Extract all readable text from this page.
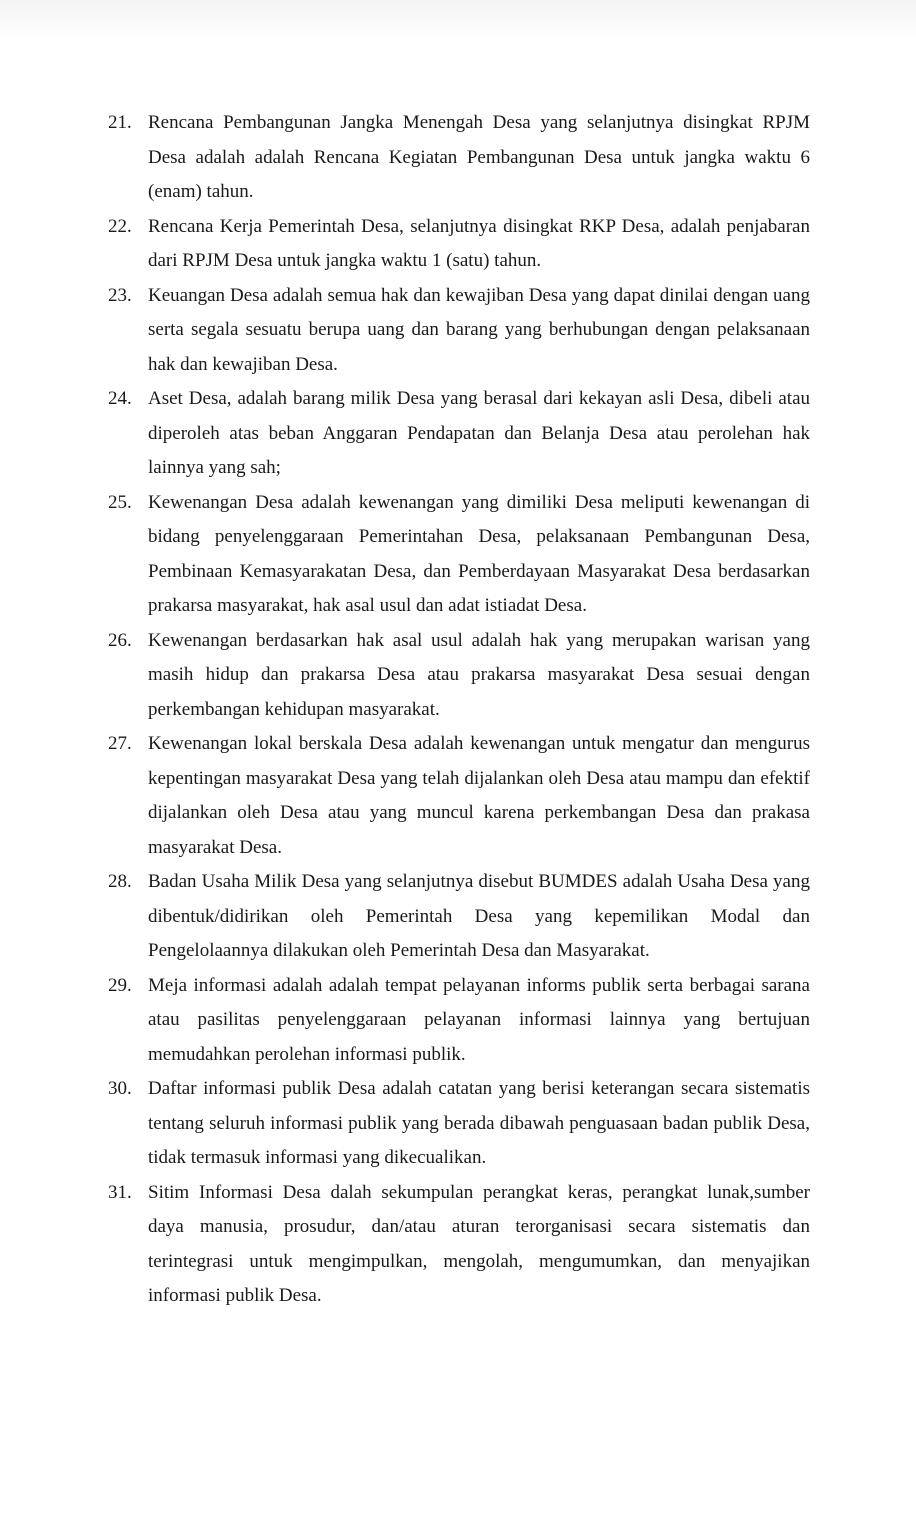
21. Rencana Pembangunan Jangka Menengah Desa yang selanjutnya disingkat RPJM Desa adalah adalah Rencana Kegiatan Pembangunan Desa untuk jangka waktu 6 (enam) tahun.
22. Rencana Kerja Pemerintah Desa, selanjutnya disingkat RKP Desa, adalah penjabaran dari RPJM Desa untuk jangka waktu 1 (satu) tahun.
23. Keuangan Desa adalah semua hak dan kewajiban Desa yang dapat dinilai dengan uang serta segala sesuatu berupa uang dan barang yang berhubungan dengan pelaksanaan hak dan kewajiban Desa.
24. Aset Desa, adalah barang milik Desa yang berasal dari kekayan asli Desa, dibeli atau diperoleh atas beban Anggaran Pendapatan dan Belanja Desa atau perolehan hak lainnya yang sah;
25. Kewenangan Desa adalah kewenangan yang dimiliki Desa meliputi kewenangan di bidang penyelenggaraan Pemerintahan Desa, pelaksanaan Pembangunan Desa, Pembinaan Kemasyarakatan Desa, dan Pemberdayaan Masyarakat Desa berdasarkan prakarsa masyarakat, hak asal usul dan adat istiadat Desa.
26. Kewenangan berdasarkan hak asal usul adalah hak yang merupakan warisan yang masih hidup dan prakarsa Desa atau prakarsa masyarakat Desa sesuai dengan perkembangan kehidupan masyarakat.
27. Kewenangan lokal berskala Desa adalah kewenangan untuk mengatur dan mengurus kepentingan masyarakat Desa yang telah dijalankan oleh Desa atau mampu dan efektif dijalankan oleh Desa atau yang muncul karena perkembangan Desa dan prakasa masyarakat Desa.
28. Badan Usaha Milik Desa yang selanjutnya disebut BUMDES adalah Usaha Desa yang dibentuk/didirikan oleh Pemerintah Desa yang kepemilikan Modal dan Pengelolaannya dilakukan oleh Pemerintah Desa dan Masyarakat.
29. Meja informasi adalah adalah tempat pelayanan informs publik serta berbagai sarana atau pasilitas penyelenggaraan pelayanan informasi lainnya yang bertujuan memudahkan perolehan informasi publik.
30. Daftar informasi publik Desa adalah catatan yang berisi keterangan secara sistematis tentang seluruh informasi publik yang berada dibawah penguasaan badan publik Desa, tidak termasuk informasi yang dikecualikan.
31. Sitim Informasi Desa dalah sekumpulan perangkat keras, perangkat lunak,sumber daya manusia, prosudur, dan/atau aturan terorganisasi secara sistematis dan terintegrasi untuk mengimpulkan, mengolah, mengumumkan, dan menyajikan informasi publik Desa.
